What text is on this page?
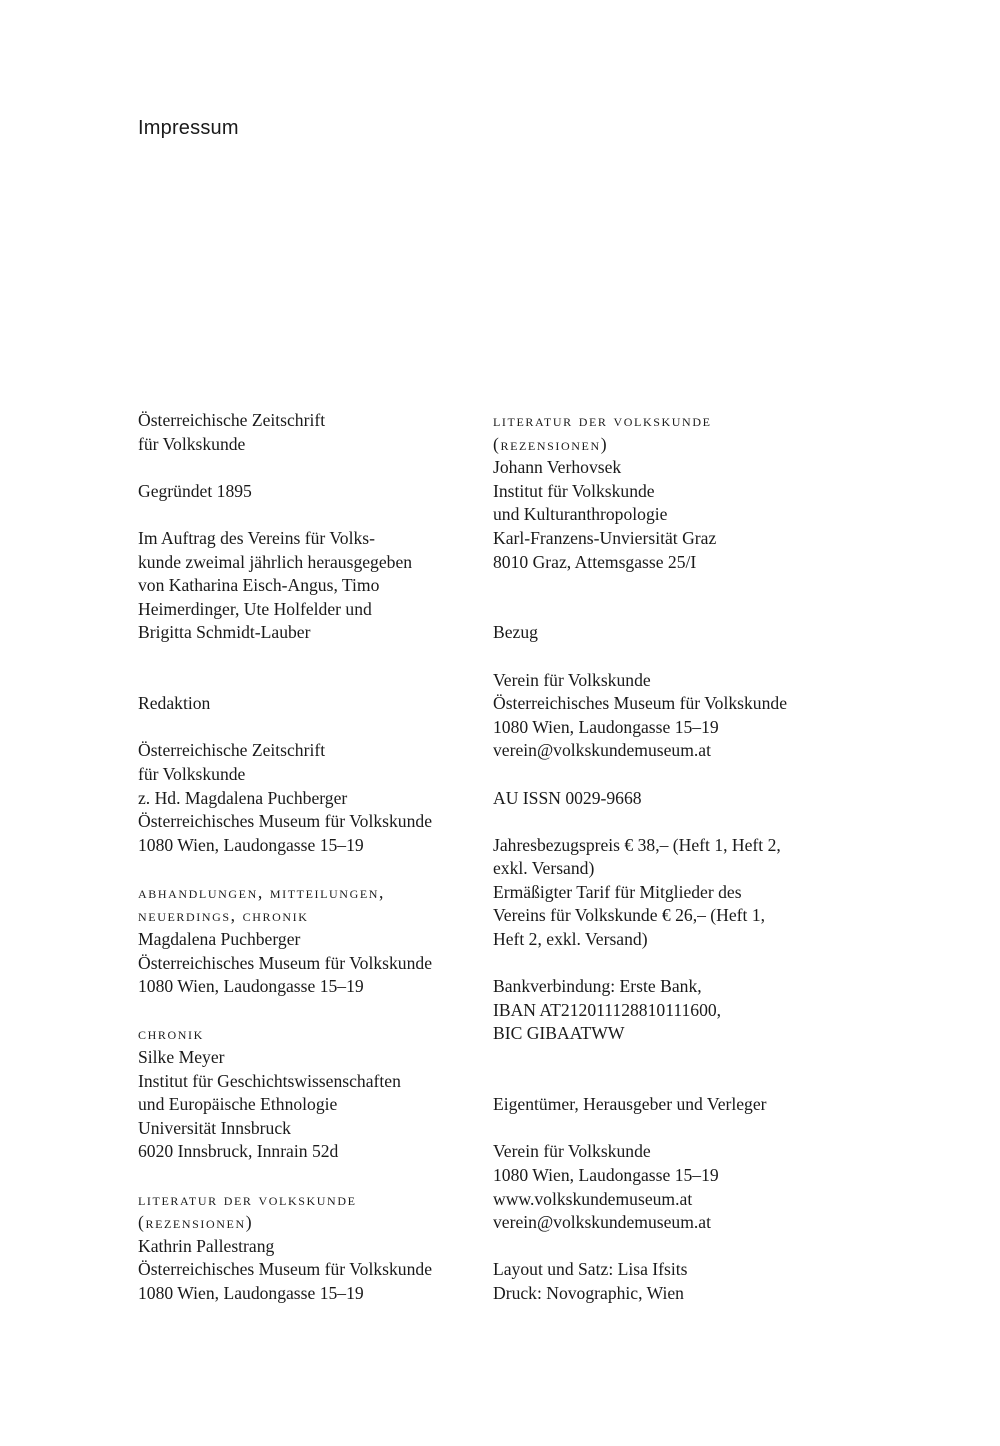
Impressum
Österreichische Zeitschrift
für Volkskunde
Gegründet 1895
Im Auftrag des Vereins für Volks-
kunde zweimal jährlich herausgegeben
von Katharina Eisch-Angus, Timo
Heimerdinger, Ute Holfelder und
Brigitta Schmidt-Lauber
Redaktion
Österreichische Zeitschrift
für Volkskunde
z. Hd. Magdalena Puchberger
Österreichisches Museum für Volkskunde
1080 Wien, Laudongasse 15–19
abhandlungen, mitteilungen,
neuerdings, chronik
Magdalena Puchberger
Österreichisches Museum für Volkskunde
1080 Wien, Laudongasse 15–19
chronik
Silke Meyer
Institut für Geschichtswissenschaften
und Europäische Ethnologie
Universität Innsbruck
6020 Innsbruck, Innrain 52d
literatur der volkskunde
(rezensionen)
Kathrin Pallestrang
Österreichisches Museum für Volkskunde
1080 Wien, Laudongasse 15–19
literatur der volkskunde
(rezensionen)
Johann Verhovsek
Institut für Volkskunde
und Kulturanthropologie
Karl-Franzens-Unviersität Graz
8010 Graz, Attemsgasse 25/I
Bezug
Verein für Volkskunde
Österreichisches Museum für Volkskunde
1080 Wien, Laudongasse 15–19
verein@volkskundemuseum.at
AU ISSN 0029-9668
Jahresbezugspreis € 38,– (Heft 1, Heft 2,
exkl. Versand)
Ermäßigter Tarif für Mitglieder des
Vereins für Volkskunde € 26,– (Heft 1,
Heft 2, exkl. Versand)
Bankverbindung: Erste Bank,
IBAN AT212011128810111600,
BIC GIBAATWW
Eigentümer, Herausgeber und Verleger
Verein für Volkskunde
1080 Wien, Laudongasse 15–19
www.volkskundemuseum.at
verein@volkskundemuseum.at
Layout und Satz: Lisa Ifsits
Druck: Novographic, Wien
